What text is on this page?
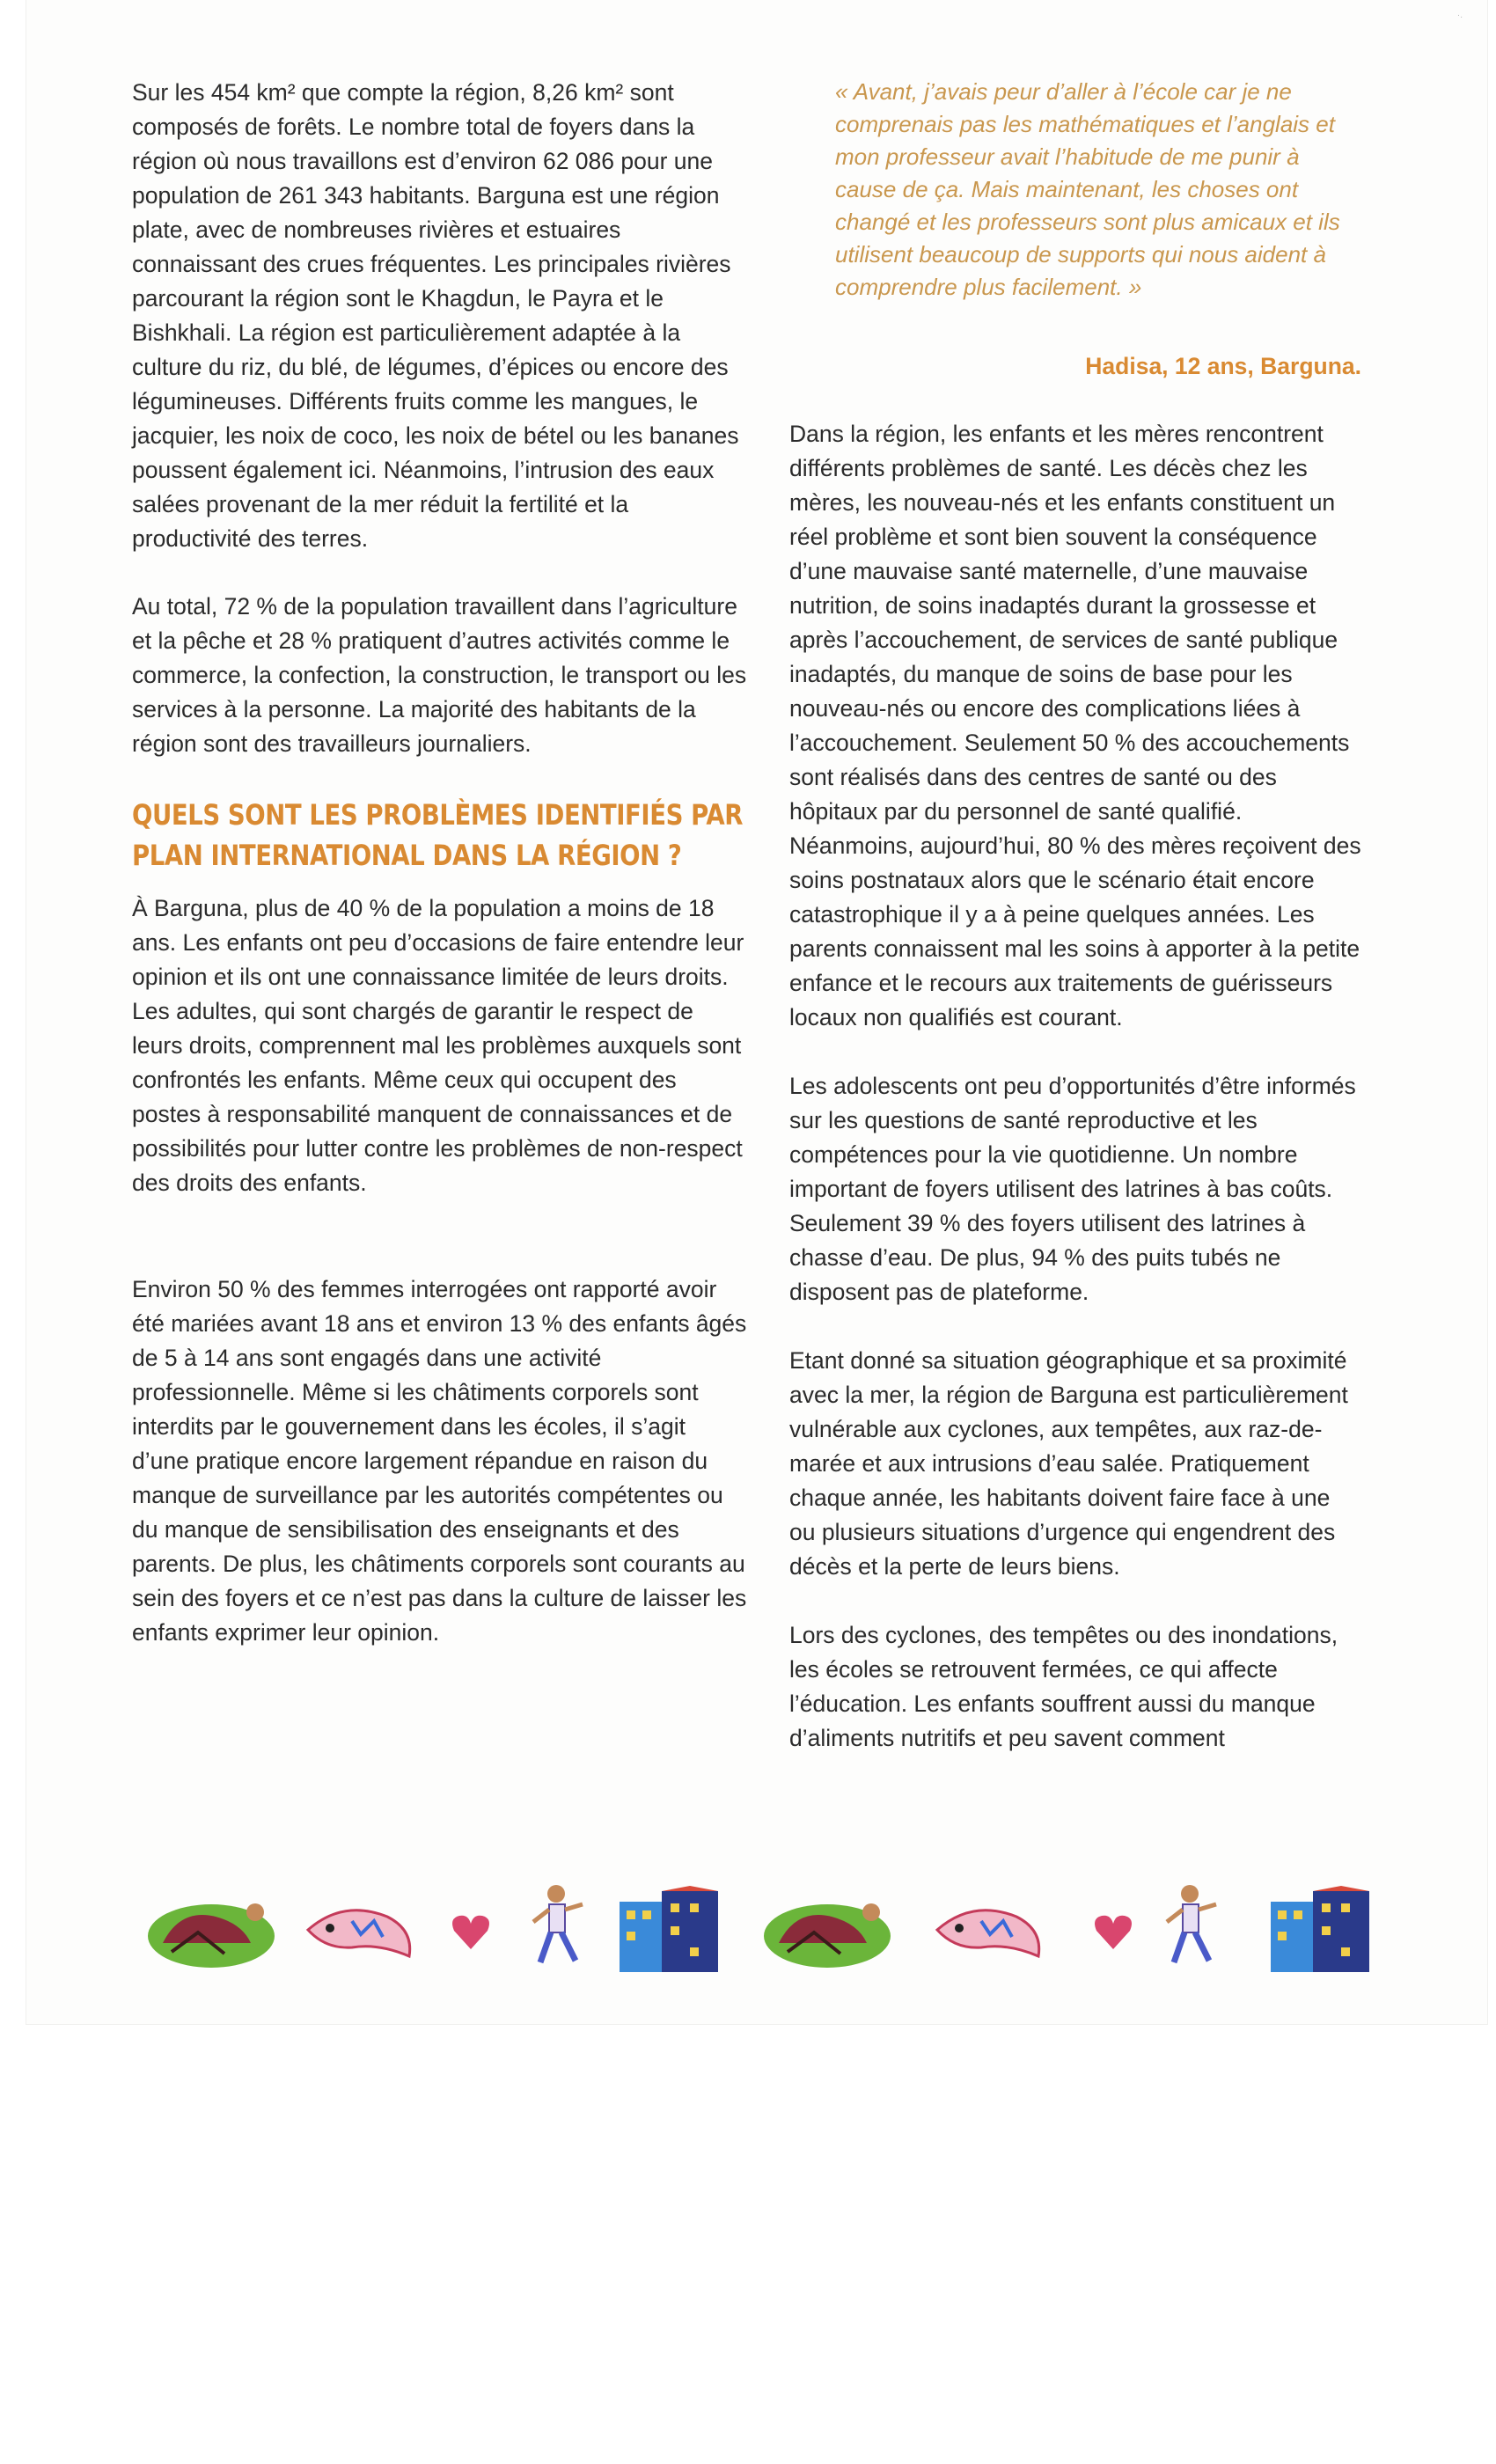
·.

Sur les 454 km² que compte la région, 8,26 km² sont composés de forêts. Le nombre total de foyers dans la région où nous travaillons est d’environ 62 086 pour une population de 261 343 habitants. Barguna est une région plate, avec de nombreuses rivières et estuaires connaissant des crues fréquentes. Les principales rivières parcourant la région sont le Khagdun, le Payra et le Bishkhali. La région est particulièrement adaptée à la culture du riz, du blé, de légumes, d’épices ou encore des légumineuses. Différents fruits comme les mangues, le jacquier, les noix de coco, les noix de bétel ou les bananes poussent également ici. Néanmoins, l’intrusion des eaux salées provenant de la mer réduit la fertilité et la productivité des terres.

Au total, 72 % de la population travaillent dans l’agriculture et la pêche et 28 % pratiquent d’autres activités comme le commerce, la confection, la construction, le transport ou les services à la personne. La majorité des habitants de la région sont des travailleurs journaliers.

QUELS SONT LES PROBLÈMES IDENTIFIÉS PAR PLAN INTERNATIONAL DANS LA RÉGION ?

À Barguna, plus de 40 % de la population a moins de 18 ans. Les enfants ont peu d’occasions de faire entendre leur opinion et ils ont une connaissance limitée de leurs droits. Les adultes, qui sont chargés de garantir le respect de leurs droits, comprennent mal les problèmes auxquels sont confrontés les enfants. Même ceux qui occupent des postes à responsabilité manquent de connaissances et de possibilités pour lutter contre les problèmes de non-respect des droits des enfants.

Environ 50 % des femmes interrogées ont rapporté avoir été mariées avant 18 ans et environ 13 % des enfants âgés de 5 à 14 ans sont engagés dans une activité professionnelle. Même si les châtiments corporels sont interdits par le gouvernement dans les écoles, il s’agit d’une pratique encore largement répandue en raison du manque de surveillance par les autorités compétentes ou du manque de sensibilisation des enseignants et des parents. De plus, les châtiments corporels sont courants au sein des foyers et ce n’est pas dans la culture de laisser les enfants exprimer leur opinion.

« Avant, j’avais peur d’aller à l’école car je ne comprenais pas les mathématiques et l’anglais et mon professeur avait l’habitude de me punir à cause de ça. Mais maintenant, les choses ont changé et les professeurs sont plus amicaux et ils utilisent beaucoup de supports qui nous aident à comprendre plus facilement. »

Hadisa, 12 ans, Barguna.

Dans la région, les enfants et les mères rencontrent différents problèmes de santé. Les décès chez les mères, les nouveau-nés et les enfants constituent un réel problème et sont bien souvent la conséquence d’une mauvaise santé maternelle, d’une mauvaise nutrition, de soins inadaptés durant la grossesse et après l’accouchement, de services de santé publique inadaptés, du manque de soins de base pour les nouveau-nés ou encore des complications liées à l’accouchement. Seulement 50 % des accouchements sont réalisés dans des centres de santé ou des hôpitaux par du personnel de santé qualifié. Néanmoins, aujourd’hui, 80 % des mères reçoivent des soins postnataux alors que le scénario était encore catastrophique il y a à peine quelques années. Les parents connaissent mal les soins à apporter à la petite enfance et le recours aux traitements de guérisseurs locaux non qualifiés est courant.

Les adolescents ont peu d’opportunités d’être informés sur les questions de santé reproductive et les compétences pour la vie quotidienne. Un nombre important de foyers utilisent des latrines à bas coûts. Seulement 39 % des foyers utilisent des latrines à chasse d’eau. De plus, 94 % des puits tubés ne disposent pas de plateforme.

Etant donné sa situation géographique et sa proximité avec la mer, la région de Barguna est particulièrement vulnérable aux cyclones, aux tempêtes, aux raz-de-marée et aux intrusions d’eau salée. Pratiquement chaque année, les habitants doivent faire face à une ou plusieurs situations d’urgence qui engendrent des décès et la perte de leurs biens.

Lors des cyclones, des tempêtes ou des inondations, les écoles se retrouvent fermées, ce qui affecte l’éducation. Les enfants souffrent aussi du manque d’aliments nutritifs et peu savent comment
